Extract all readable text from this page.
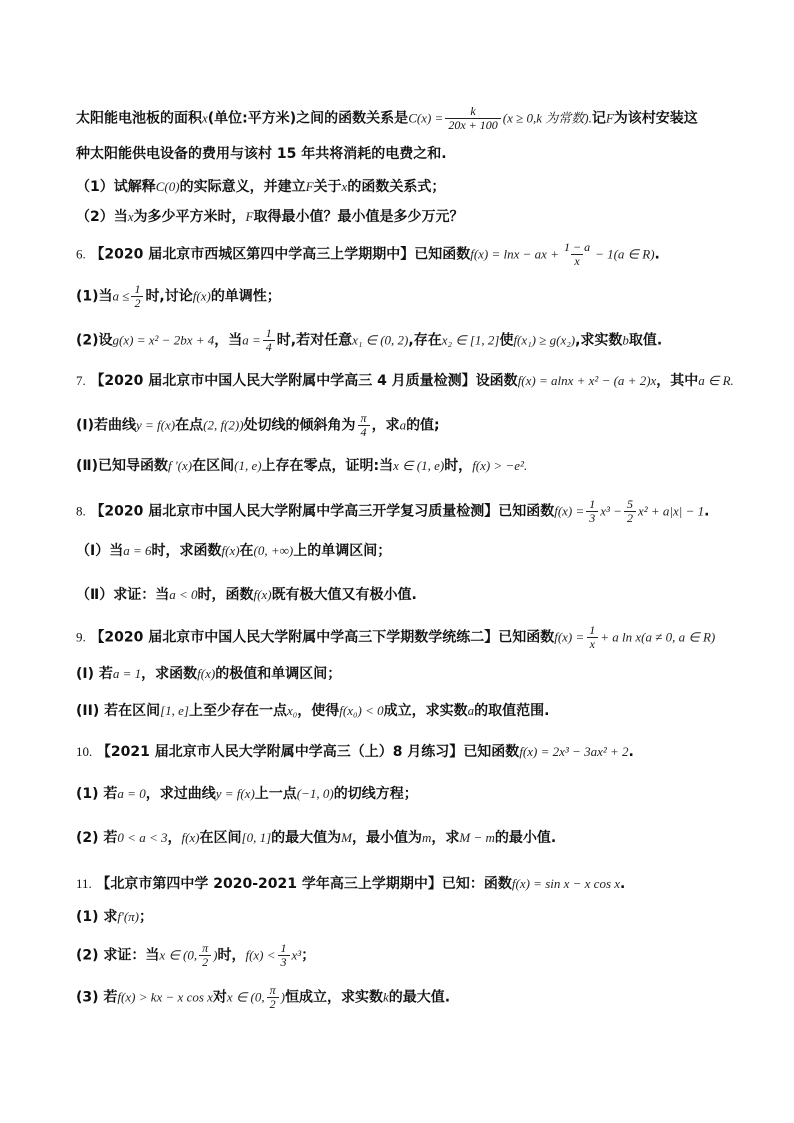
太阳能电池板的面积x(单位:平方米)之间的函数关系是$C(x) = \frac{k}{20x + 100} (x \ge 0,k$ 为常数).记F为该村安装这
种太阳能供电设备的费用与该村 15 年共将消耗的电费之和.
（1）试解释C(0)的实际意义，并建立F关于x的函数关系式；
（2）当x为多少平方米时，F取得最小值？最小值是多少万元？
6. 【2020 届北京市西城区第四中学高三上学期期中】已知函数f(x) = lnx − ax + $\frac{1 - a}{x} - 1(a$ ∈ R).
(1)当$a \le \frac{1}{2}$ 时,讨论f(x)的单调性；
(2)设g(x) = x² − 2bx + 4，当$a = \frac{1}{4}$ 时,若对任意x₁ ∈ (0, 2),存在x₂ ∈ [1, 2]使f(x₁) ≥ g(x₂),求实数b取值.
7. 【2020 届北京市中国人民大学附属中学高三 4 月质量检测】设函数f(x) = alnx + x² − (a + 2)x，其中a ∈ R.
(Ⅰ)若曲线y = f(x)在点(2, f(2))处切线的倾斜角为 $\frac{\pi}{4}$ ，求a的值;
(Ⅱ)已知导函数f '(x)在区间(1, e)上存在零点，证明:当x ∈ (1, e)时，f(x) > −e².
8. 【2020 届北京市中国人民大学附属中学高三开学复习质量检测】已知函数$f(x) = \frac{1}{3} x^3 - \frac{5}{2} x^2 + a|x| - 1$.
（Ⅰ）当a = 6时，求函数f(x)在(0, +∞)上的单调区间；
（Ⅱ）求证：当a < 0时，函数f(x)既有极大值又有极小值.
9. 【2020 届北京市中国人民大学附属中学高三下学期数学统练二】已知函数$f(x) = \frac{1}{x} + a$ ln x(a ≠ 0, a ∈ R)
(I) 若a = 1，求函数f(x)的极值和单调区间；
(II) 若在区间[1, e]上至少存在一点x₀，使得f(x₀) < 0成立，求实数a的取值范围.
10. 【2021 届北京市人民大学附属中学高三（上）8 月练习】已知函数f(x) = 2x³ − 3ax² + 2.
(1) 若a = 0，求过曲线y = f(x)上一点(−1, 0)的切线方程；
(2) 若0 < a < 3，f(x)在区间[0, 1]的最大值为M，最小值为m，求M − m的最小值.
11. 【北京市第四中学 2020-2021 学年高三上学期期中】已知：函数f(x) = sin x − x cos x.
(1) 求f'(π)；
(2) 求证：当x ∈ (0, $\frac{\pi}{2}$ )时，$f(x) < \frac{1}{3} x^3$；
(3) 若f(x) > kx − x cos x对x ∈ (0, $\frac{\pi}{2}$ )恒成立，求实数k的最大值.
